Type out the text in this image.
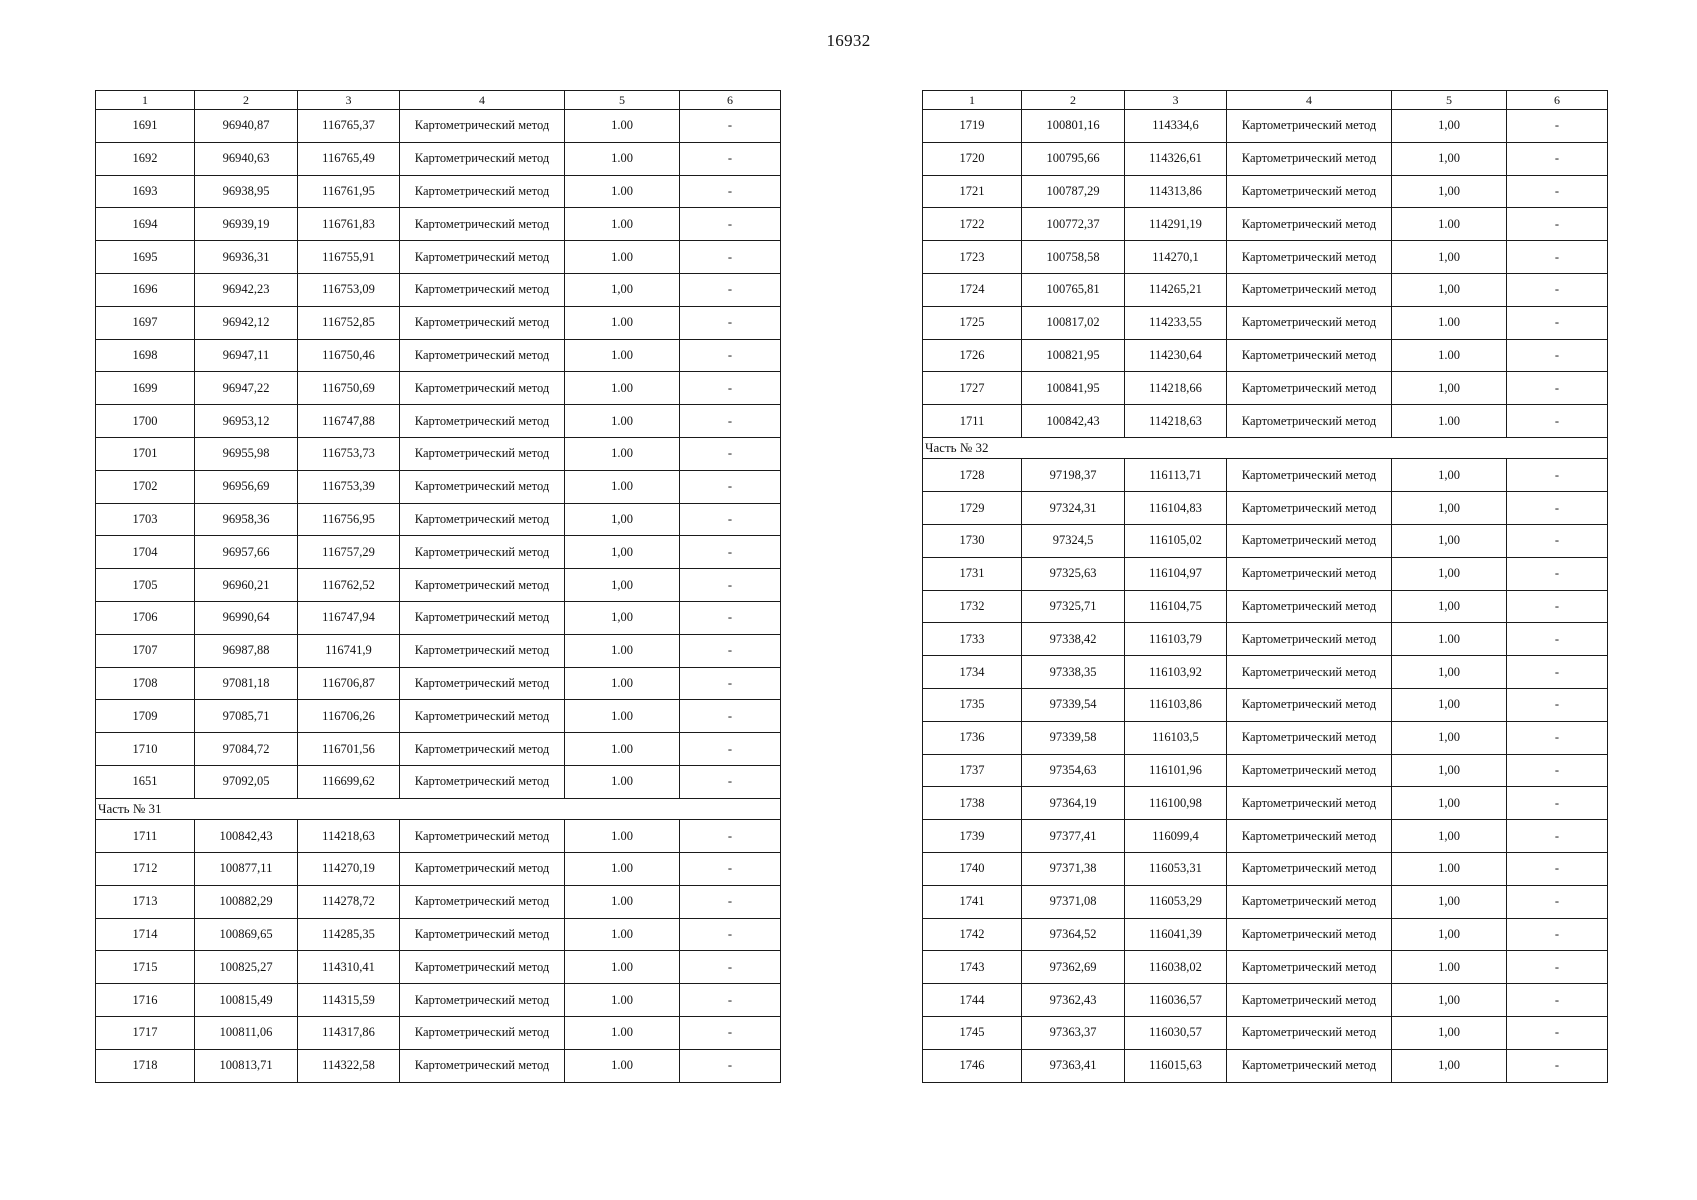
16932
1	2	3	4	5	6
1691	96940,87	116765,37	Картометрический метод	1.00	-
1692	96940,63	116765,49	Картометрический метод	1.00	-
1693	96938,95	116761,95	Картометрический метод	1.00	-
1694	96939,19	116761,83	Картометрический метод	1.00	-
1695	96936,31	116755,91	Картометрический метод	1.00	-
1696	96942,23	116753,09	Картометрический метод	1,00	-
1697	96942,12	116752,85	Картометрический метод	1.00	-
1698	96947,11	116750,46	Картометрический метод	1.00	-
1699	96947,22	116750,69	Картометрический метод	1.00	-
1700	96953,12	116747,88	Картометрический метод	1.00	-
1701	96955,98	116753,73	Картометрический метод	1.00	-
1702	96956,69	116753,39	Картометрический метод	1.00	-
1703	96958,36	116756,95	Картометрический метод	1,00	-
1704	96957,66	116757,29	Картометрический метод	1,00	-
1705	96960,21	116762,52	Картометрический метод	1,00	-
1706	96990,64	116747,94	Картометрический метод	1,00	-
1707	96987,88	116741,9	Картометрический метод	1.00	-
1708	97081,18	116706,87	Картометрический метод	1.00	-
1709	97085,71	116706,26	Картометрический метод	1.00	-
1710	97084,72	116701,56	Картометрический метод	1.00	-
1651	97092,05	116699,62	Картометрический метод	1.00	-
Часть № 31					
1711	100842,43	114218,63	Картометрический метод	1.00	-
1712	100877,11	114270,19	Картометрический метод	1.00	-
1713	100882,29	114278,72	Картометрический метод	1.00	-
1714	100869,65	114285,35	Картометрический метод	1.00	-
1715	100825,27	114310,41	Картометрический метод	1.00	-
1716	100815,49	114315,59	Картометрический метод	1.00	-
1717	100811,06	114317,86	Картометрический метод	1.00	-
1718	100813,71	114322,58	Картометрический метод	1.00	-
1	2	3	4	5	6
1719	100801,16	114334,6	Картометрический метод	1,00	-
1720	100795,66	114326,61	Картометрический метод	1,00	-
1721	100787,29	114313,86	Картометрический метод	1,00	-
1722	100772,37	114291,19	Картометрический метод	1.00	-
1723	100758,58	114270,1	Картометрический метод	1,00	-
1724	100765,81	114265,21	Картометрический метод	1,00	-
1725	100817,02	114233,55	Картометрический метод	1.00	-
1726	100821,95	114230,64	Картометрический метод	1.00	-
1727	100841,95	114218,66	Картометрический метод	1,00	-
1711	100842,43	114218,63	Картометрический метод	1.00	-
Часть № 32					
1728	97198,37	116113,71	Картометрический метод	1,00	-
1729	97324,31	116104,83	Картометрический метод	1,00	-
1730	97324,5	116105,02	Картометрический метод	1,00	-
1731	97325,63	116104,97	Картометрический метод	1,00	-
1732	97325,71	116104,75	Картометрический метод	1,00	-
1733	97338,42	116103,79	Картометрический метод	1.00	-
1734	97338,35	116103,92	Картометрический метод	1,00	-
1735	97339,54	116103,86	Картометрический метод	1,00	-
1736	97339,58	116103,5	Картометрический метод	1,00	-
1737	97354,63	116101,96	Картометрический метод	1,00	-
1738	97364,19	116100,98	Картометрический метод	1,00	-
1739	97377,41	116099,4	Картометрический метод	1,00	-
1740	97371,38	116053,31	Картометрический метод	1.00	-
1741	97371,08	116053,29	Картометрический метод	1,00	-
1742	97364,52	116041,39	Картометрический метод	1,00	-
1743	97362,69	116038,02	Картометрический метод	1.00	-
1744	97362,43	116036,57	Картометрический метод	1,00	-
1745	97363,37	116030,57	Картометрический метод	1,00	-
1746	97363,41	116015,63	Картометрический метод	1,00	-
